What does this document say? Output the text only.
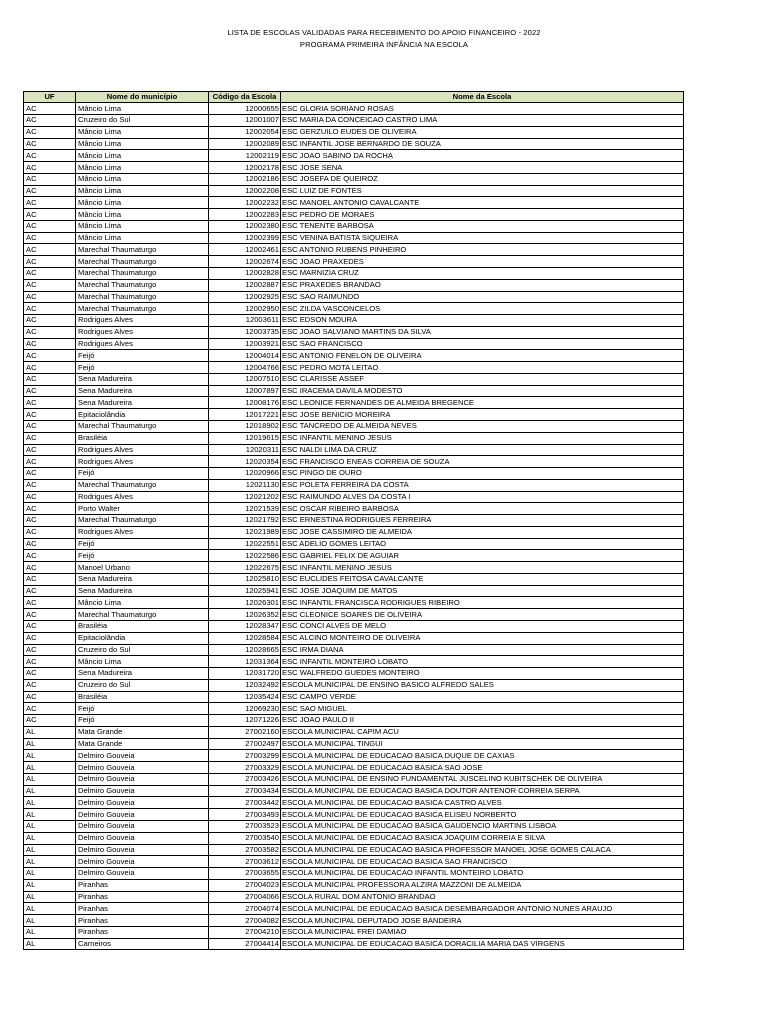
LISTA DE ESCOLAS VALIDADAS PARA RECEBIMENTO DO APOIO FINANCEIRO - 2022
PROGRAMA PRIMEIRA INFÂNCIA NA ESCOLA
UF	Nome do município	Código da Escola	Nome da Escola
AC	Mâncio Lima	12000655	ESC GLORIA SORIANO ROSAS
AC	Cruzeiro do Sul	12001007	ESC MARIA DA CONCEICAO CASTRO LIMA
AC	Mâncio Lima	12002054	ESC GERZUILO EUDES DE OLIVEIRA
AC	Mâncio Lima	12002089	ESC INFANTIL JOSE BERNARDO DE SOUZA
AC	Mâncio Lima	12002119	ESC JOAO SABINO DA ROCHA
AC	Mâncio Lima	12002178	ESC JOSE SENA
AC	Mâncio Lima	12002186	ESC JOSEFA DE QUEIROZ
AC	Mâncio Lima	12002208	ESC LUIZ DE FONTES
AC	Mâncio Lima	12002232	ESC MANOEL ANTONIO CAVALCANTE
AC	Mâncio Lima	12002283	ESC PEDRO DE MORAES
AC	Mâncio Lima	12002380	ESC TENENTE BARBOSA
AC	Mâncio Lima	12002399	ESC VENINA BATISTA SIQUEIRA
AC	Marechal Thaumaturgo	12002461	ESC ANTONIO RUBENS PINHEIRO
AC	Marechal Thaumaturgo	12002674	ESC JOAO PRAXEDES
AC	Marechal Thaumaturgo	12002828	ESC MARNIZIA CRUZ
AC	Marechal Thaumaturgo	12002887	ESC PRAXEDES BRANDAO
AC	Marechal Thaumaturgo	12002925	ESC SAO RAIMUNDO
AC	Marechal Thaumaturgo	12002950	ESC ZILDA VASCONCELOS
AC	Rodrigues Alves	12003611	ESC EDSON MOURA
AC	Rodrigues Alves	12003735	ESC JOAO SALVIANO MARTINS DA SILVA
AC	Rodrigues Alves	12003921	ESC SAO FRANCISCO
AC	Feijó	12004014	ESC ANTONIO FENELON DE OLIVEIRA
AC	Feijó	12004766	ESC PEDRO MOTA LEITAO
AC	Sena Madureira	12007510	ESC CLARISSE ASSEF
AC	Sena Madureira	12007897	ESC IRACEMA DAVILA MODESTO
AC	Sena Madureira	12008176	ESC LEONICE FERNANDES DE ALMEIDA BREGENCE
AC	Epitaciolândia	12017221	ESC JOSE BENICIO MOREIRA
AC	Marechal Thaumaturgo	12018902	ESC TANCREDO DE ALMEIDA NEVES
AC	Brasiléia	12019615	ESC INFANTIL MENINO JESUS
AC	Rodrigues Alves	12020311	ESC NALDI LIMA DA CRUZ
AC	Rodrigues Alves	12020354	ESC FRANCISCO ENEAS CORREIA DE SOUZA
AC	Feijó	12020966	ESC PINGO DE OURO
AC	Marechal Thaumaturgo	12021130	ESC POLETA FERREIRA DA COSTA
AC	Rodrigues Alves	12021202	ESC RAIMUNDO ALVES DA COSTA I
AC	Porto Walter	12021539	ESC OSCAR RIBEIRO BARBOSA
AC	Marechal Thaumaturgo	12021792	ESC ERNESTINA RODRIGUES FERREIRA
AC	Rodrigues Alves	12021989	ESC JOSE CASSIMIRO DE ALMEIDA
AC	Feijó	12022551	ESC ADELIO GOMES LEITAO
AC	Feijó	12022586	ESC GABRIEL FELIX DE AGUIAR
AC	Manoel Urbano	12022675	ESC INFANTIL MENINO JESUS
AC	Sena Madureira	12025810	ESC EUCLIDES FEITOSA CAVALCANTE
AC	Sena Madureira	12025941	ESC JOSE JOAQUIM DE MATOS
AC	Mâncio Lima	12026301	ESC INFANTIL FRANCISCA RODRIGUES RIBEIRO
AC	Marechal Thaumaturgo	12026352	ESC CLEONICE SOARES DE OLIVEIRA
AC	Brasiléia	12028347	ESC CONCI ALVES DE MELO
AC	Epitaciolândia	12028584	ESC ALCINO MONTEIRO DE OLIVEIRA
AC	Cruzeiro do Sul	12028665	ESC IRMA DIANA
AC	Mâncio Lima	12031364	ESC INFANTIL MONTEIRO LOBATO
AC	Sena Madureira	12031720	ESC WALFREDO GUEDES MONTEIRO
AC	Cruzeiro do Sul	12032492	ESCOLA MUNICIPAL DE ENSINO BASICO ALFREDO SALES
AC	Brasiléia	12035424	ESC CAMPO VERDE
AC	Feijó	12069230	ESC SAO MIGUEL
AC	Feijó	12071226	ESC JOAO PAULO II
AL	Mata Grande	27002160	ESCOLA MUNICIPAL CAPIM ACU
AL	Mata Grande	27002497	ESCOLA MUNICIPAL TINGUI
AL	Delmiro Gouveia	27003299	ESCOLA MUNICIPAL DE EDUCACAO BASICA DUQUE DE CAXIAS
AL	Delmiro Gouveia	27003329	ESCOLA MUNICIPAL DE EDUCACAO BASICA SAO JOSE
AL	Delmiro Gouveia	27003426	ESCOLA MUNICIPAL DE ENSINO FUNDAMENTAL JUSCELINO KUBITSCHEK DE OLIVEIRA
AL	Delmiro Gouveia	27003434	ESCOLA MUNICIPAL DE EDUCACAO BASICA DOUTOR ANTENOR CORREIA SERPA
AL	Delmiro Gouveia	27003442	ESCOLA MUNICIPAL DE EDUCACAO BASICA CASTRO ALVES
AL	Delmiro Gouveia	27003493	ESCOLA MUNICIPAL DE EDUCACAO BASICA ELISEU NORBERTO
AL	Delmiro Gouveia	27003523	ESCOLA MUNICIPAL DE EDUCACAO BASICA GAUDENCIO MARTINS LISBOA
AL	Delmiro Gouveia	27003540	ESCOLA MUNICIPAL DE EDUCACAO BASICA JOAQUIM CORREIA E SILVA
AL	Delmiro Gouveia	27003582	ESCOLA MUNICIPAL DE EDUCACAO BASICA PROFESSOR MANOEL JOSE GOMES CALACA
AL	Delmiro Gouveia	27003612	ESCOLA MUNICIPAL DE EDUCACAO BASICA SAO FRANCISCO
AL	Delmiro Gouveia	27003655	ESCOLA MUNICIPAL DE EDUCACAO INFANTIL MONTEIRO LOBATO
AL	Piranhas	27004023	ESCOLA MUNICIPAL PROFESSORA ALZIRA MAZZONI DE ALMEIDA
AL	Piranhas	27004066	ESCOLA RURAL DOM ANTONIO BRANDAO
AL	Piranhas	27004074	ESCOLA MUNICIPAL DE EDUCACAO BASICA DESEMBARGADOR ANTONIO NUNES ARAUJO
AL	Piranhas	27004082	ESCOLA MUNICIPAL DEPUTADO JOSE BANDEIRA
AL	Piranhas	27004210	ESCOLA MUNICIPAL FREI DAMIAO
AL	Carneiros	27004414	ESCOLA MUNICIPAL DE EDUCACAO BASICA DORACILIA MARIA DAS VIRGENS
